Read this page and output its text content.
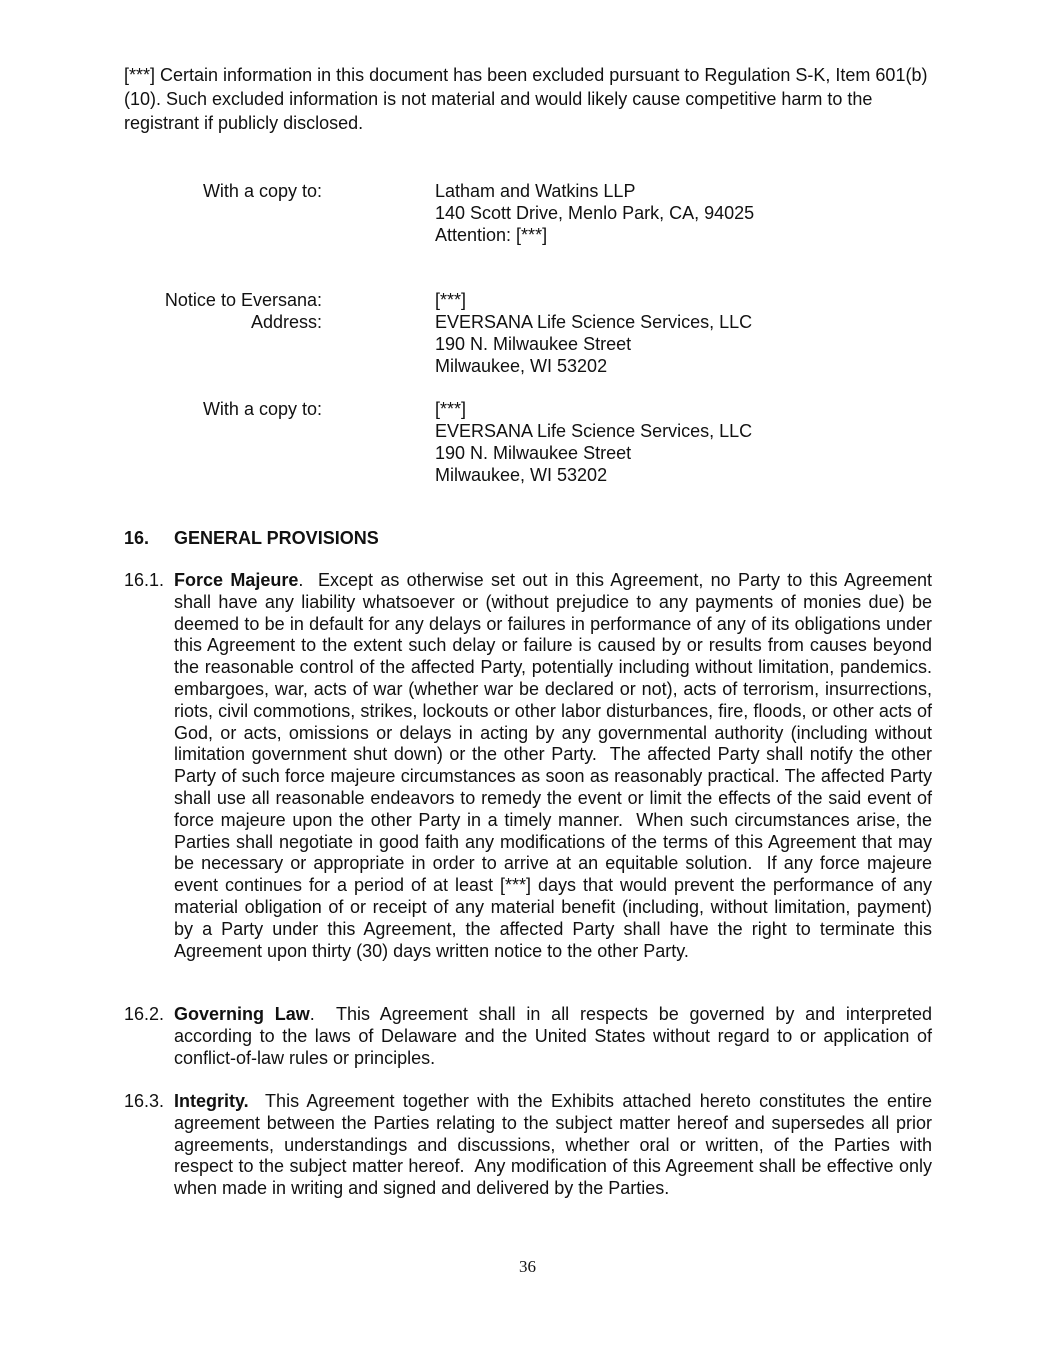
[***] Certain information in this document has been excluded pursuant to Regulation S-K, Item 601(b)(10). Such excluded information is not material and would likely cause competitive harm to the registrant if publicly disclosed.
With a copy to:	Latham and Watkins LLP
140 Scott Drive, Menlo Park, CA, 94025
Attention: [***]
Notice to Eversana:
Address:
[***]
EVERSANA Life Science Services, LLC
190 N. Milwaukee Street
Milwaukee, WI 53202
With a copy to:	[***]
EVERSANA Life Science Services, LLC
190 N. Milwaukee Street
Milwaukee, WI 53202
16. GENERAL PROVISIONS
16.1. Force Majeure.  Except as otherwise set out in this Agreement, no Party to this Agreement shall have any liability whatsoever or (without prejudice to any payments of monies due) be deemed to be in default for any delays or failures in performance of any of its obligations under this Agreement to the extent such delay or failure is caused by or results from causes beyond the reasonable control of the affected Party, potentially including without limitation, pandemics. embargoes, war, acts of war (whether war be declared or not), acts of terrorism, insurrections, riots, civil commotions, strikes, lockouts or other labor disturbances, fire, floods, or other acts of God, or acts, omissions or delays in acting by any governmental authority (including without limitation government shut down) or the other Party.  The affected Party shall notify the other Party of such force majeure circumstances as soon as reasonably practical. The affected Party shall use all reasonable endeavors to remedy the event or limit the effects of the said event of force majeure upon the other Party in a timely manner.  When such circumstances arise, the Parties shall negotiate in good faith any modifications of the terms of this Agreement that may be necessary or appropriate in order to arrive at an equitable solution.  If any force majeure event continues for a period of at least [***] days that would prevent the performance of any material obligation of or receipt of any material benefit (including, without limitation, payment) by a Party under this Agreement, the affected Party shall have the right to terminate this Agreement upon thirty (30) days written notice to the other Party.
16.2. Governing Law.  This Agreement shall in all respects be governed by and interpreted according to the laws of Delaware and the United States without regard to or application of conflict-of-law rules or principles.
16.3. Integrity.  This Agreement together with the Exhibits attached hereto constitutes the entire agreement between the Parties relating to the subject matter hereof and supersedes all prior agreements, understandings and discussions, whether oral or written, of the Parties with respect to the subject matter hereof.  Any modification of this Agreement shall be effective only when made in writing and signed and delivered by the Parties.
36
